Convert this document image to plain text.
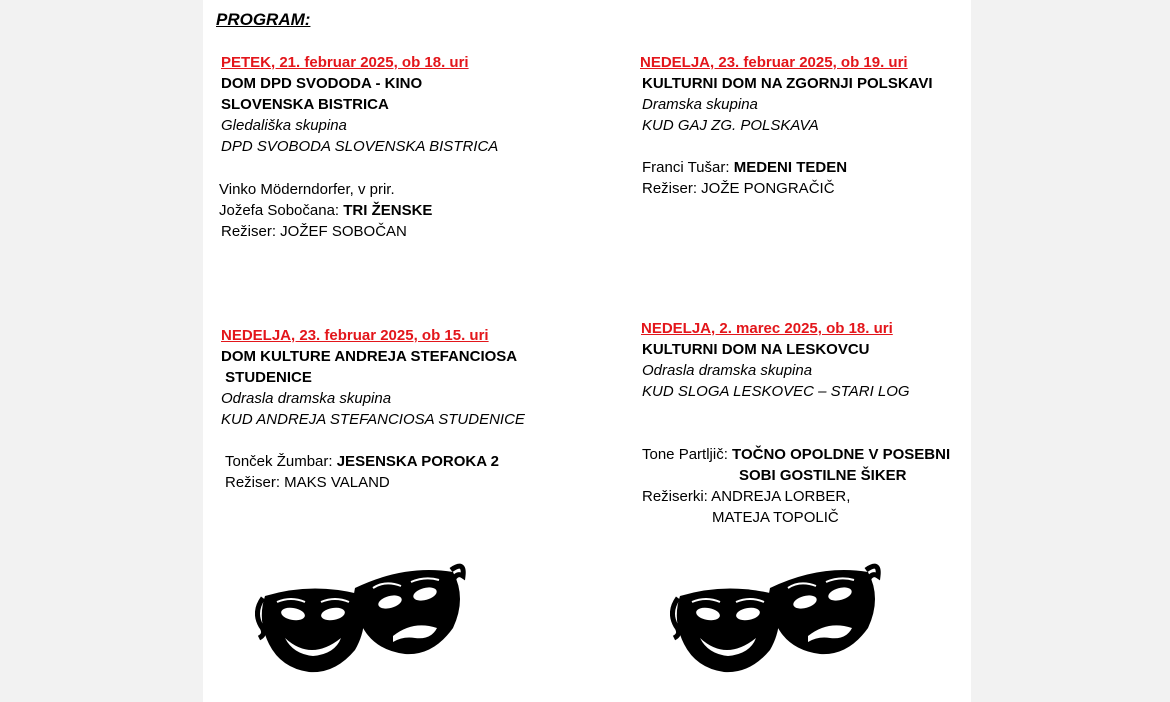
PROGRAM:
PETEK, 21. februar 2025, ob 18. uri
DOM DPD SVODODA - KINO
SLOVENSKA BISTRICA
Gledališka skupina
DPD SVOBODA SLOVENSKA BISTRICA
Vinko Möderndorfer, v prir.
Jožefa Sobočana: TRI ŽENSKE
Režiser: JOŽEF SOBOČAN
NEDELJA, 23. februar 2025, ob 19. uri
KULTURNI DOM NA ZGORNJI POLSKAVI
Dramska skupina
KUD GAJ ZG. POLSKAVA
Franci Tušar: MEDENI TEDEN
Režiser: JOŽE PONGRAČIČ
NEDELJA, 23. februar 2025, ob 15. uri
DOM KULTURE ANDREJA STEFANCIOSA
STUDENICE
Odrasla dramska skupina
KUD ANDREJA STEFANCIOSA STUDENICE
Tonček Žumbar: JESENSKA POROKA 2
Režiser: MAKS VALAND
NEDELJA, 2. marec 2025, ob 18. uri
KULTURNI DOM NA LESKOVCU
Odrasla dramska skupina
KUD SLOGA LESKOVEC – STARI LOG
Tone Partljič: TOČNO OPOLDNE V POSEBNI
SOBI GOSTILNE ŠIKER
Režiserki: ANDREJA LORBER,
MATEJA TOPOLIČ
